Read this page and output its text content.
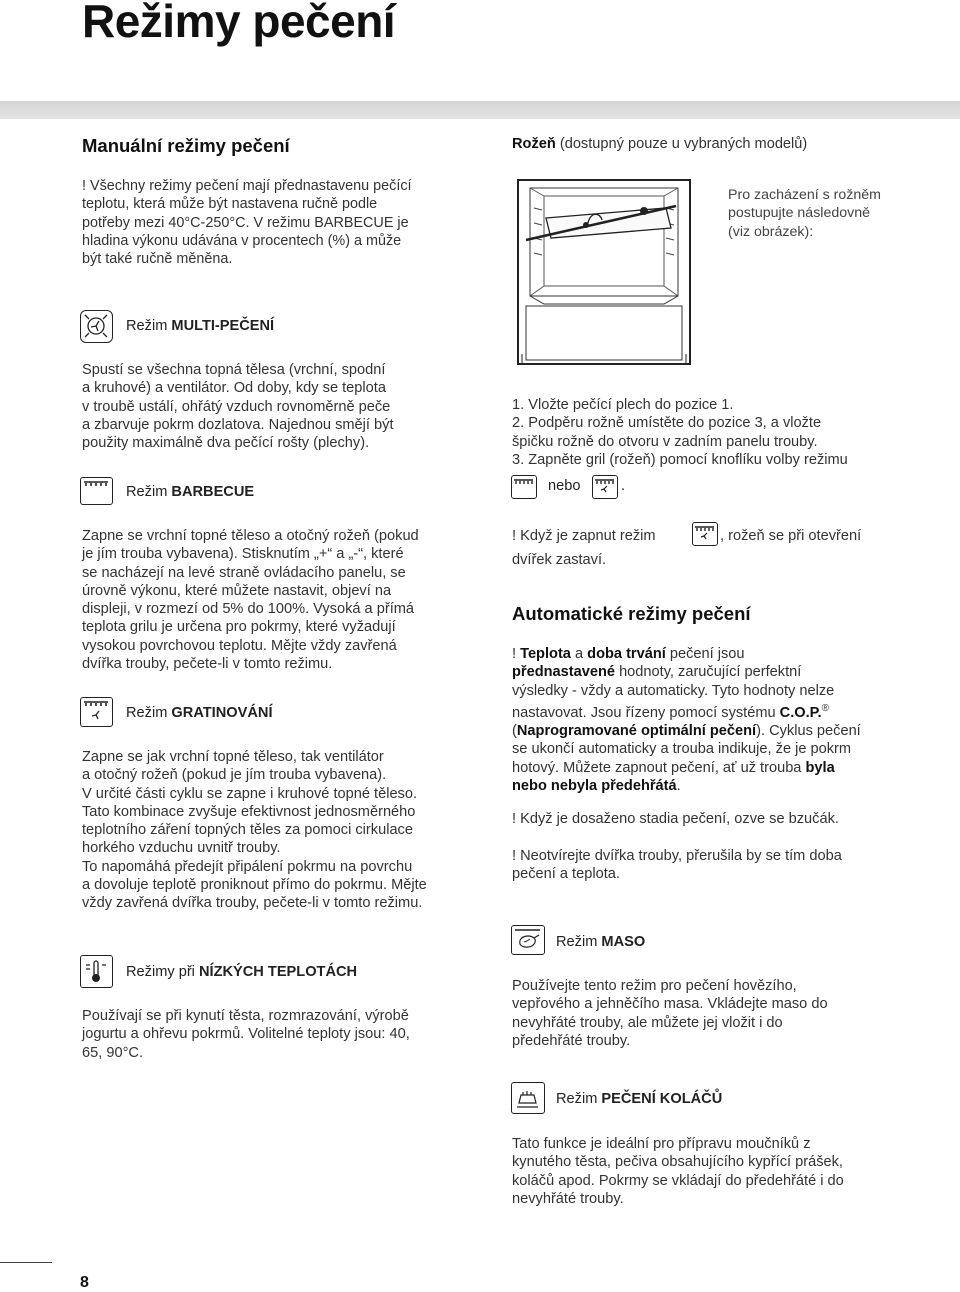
Režimy pečení
Manuální režimy pečení
! Všechny režimy pečení mají přednastavenu pečící
teplotu, která může být nastavena ručně podle
potřeby mezi 40°C-250°C. V režimu BARBECUE je
hladina výkonu udávána v procentech (%) a může
být také ručně měněna.
Režim MULTI-PEČENÍ
Spustí se všechna topná tělesa (vrchní, spodní
a kruhové) a ventilátor. Od doby, kdy se teplota
v troubě ustálí, ohřátý vzduch rovnoměrně peče
a zbarvuje pokrm dozlatova. Najednou smějí být
použity maximálně dva pečící rošty (plechy).
Režim BARBECUE
Zapne se vrchní topné těleso a otočný rožeň (pokud
je jím trouba vybavena). Stisknutím „+“ a „-“, které
se nacházejí na levé straně ovládacího panelu, se
úrovně výkonu, které můžete nastavit, objeví na
displeji, v rozmezí od 5% do 100%. Vysoká a přímá
teplota grilu je určena pro pokrmy, které vyžadují
vysokou povrchovou teplotu. Mějte vždy zavřená
dvířka trouby, pečete-li v tomto režimu.
Režim GRATINOVÁNÍ
Zapne se jak vrchní topné těleso, tak ventilátor
a otočný rožeň (pokud je jím trouba vybavena).
V určité části cyklu se zapne i kruhové topné těleso.
Tato kombinace zvyšuje efektivnost jednosměrného
teplotního záření topných těles za pomoci cirkulace
horkého vzduchu uvnitř trouby.
To napomáhá předejít připálení pokrmu na povrchu
a dovoluje teplotě proniknout přímo do pokrmu. Mějte
vždy zavřená dvířka trouby, pečete-li v tomto režimu.
Režimy při NÍZKÝCH TEPLOTÁCH
Používají se při kynutí těsta, rozmrazování, výrobě
jogurtu a ohřevu pokrmů. Volitelné teploty jsou: 40,
65, 90°C.
Rožeň (dostupný pouze u vybraných modelů)
Pro zacházení s rožněm
postupujte následovně
(viz obrázek):
1. Vložte pečící plech do pozice 1.
2. Podpěru rožně umístěte do pozice 3, a vložte
špičku rožně do otvoru v zadním panelu trouby.
3. Zapněte gril (rožeň) pomocí knoflíku volby režimu
nebo	.
! Když je zapnut režim	, rožeň se při otevření
dvířek zastaví.
Automatické režimy pečení
! Teplota a doba trvání pečení jsou
přednastavené hodnoty, zaručující perfektní
výsledky - vždy a automaticky. Tyto hodnoty nelze
nastavovat. Jsou řízeny pomocí systému C.O.P.®
(Naprogramované optimální pečení). Cyklus pečení
se ukončí automaticky a trouba indikuje, že je pokrm
hotový. Můžete zapnout pečení, ať už trouba byla
nebo nebyla předehřátá.
! Když je dosaženo stadia pečení, ozve se bzučák.
! Neotvírejte dvířka trouby, přerušila by se tím doba
pečení a teplota.
Režim MASO
Používejte tento režim pro pečení hovězího,
vepřového a jehněčího masa. Vkládejte maso do
nevyhřáté trouby, ale můžete jej vložit i do
předehřáté trouby.
Režim PEČENÍ KOLÁČŮ
Tato funkce je ideální pro přípravu moučníků z
kynutého těsta, pečiva obsahujícího kypřící prášek,
koláčů apod. Pokrmy se vkládají do předehřáté i do
nevyhřáté trouby.
8
